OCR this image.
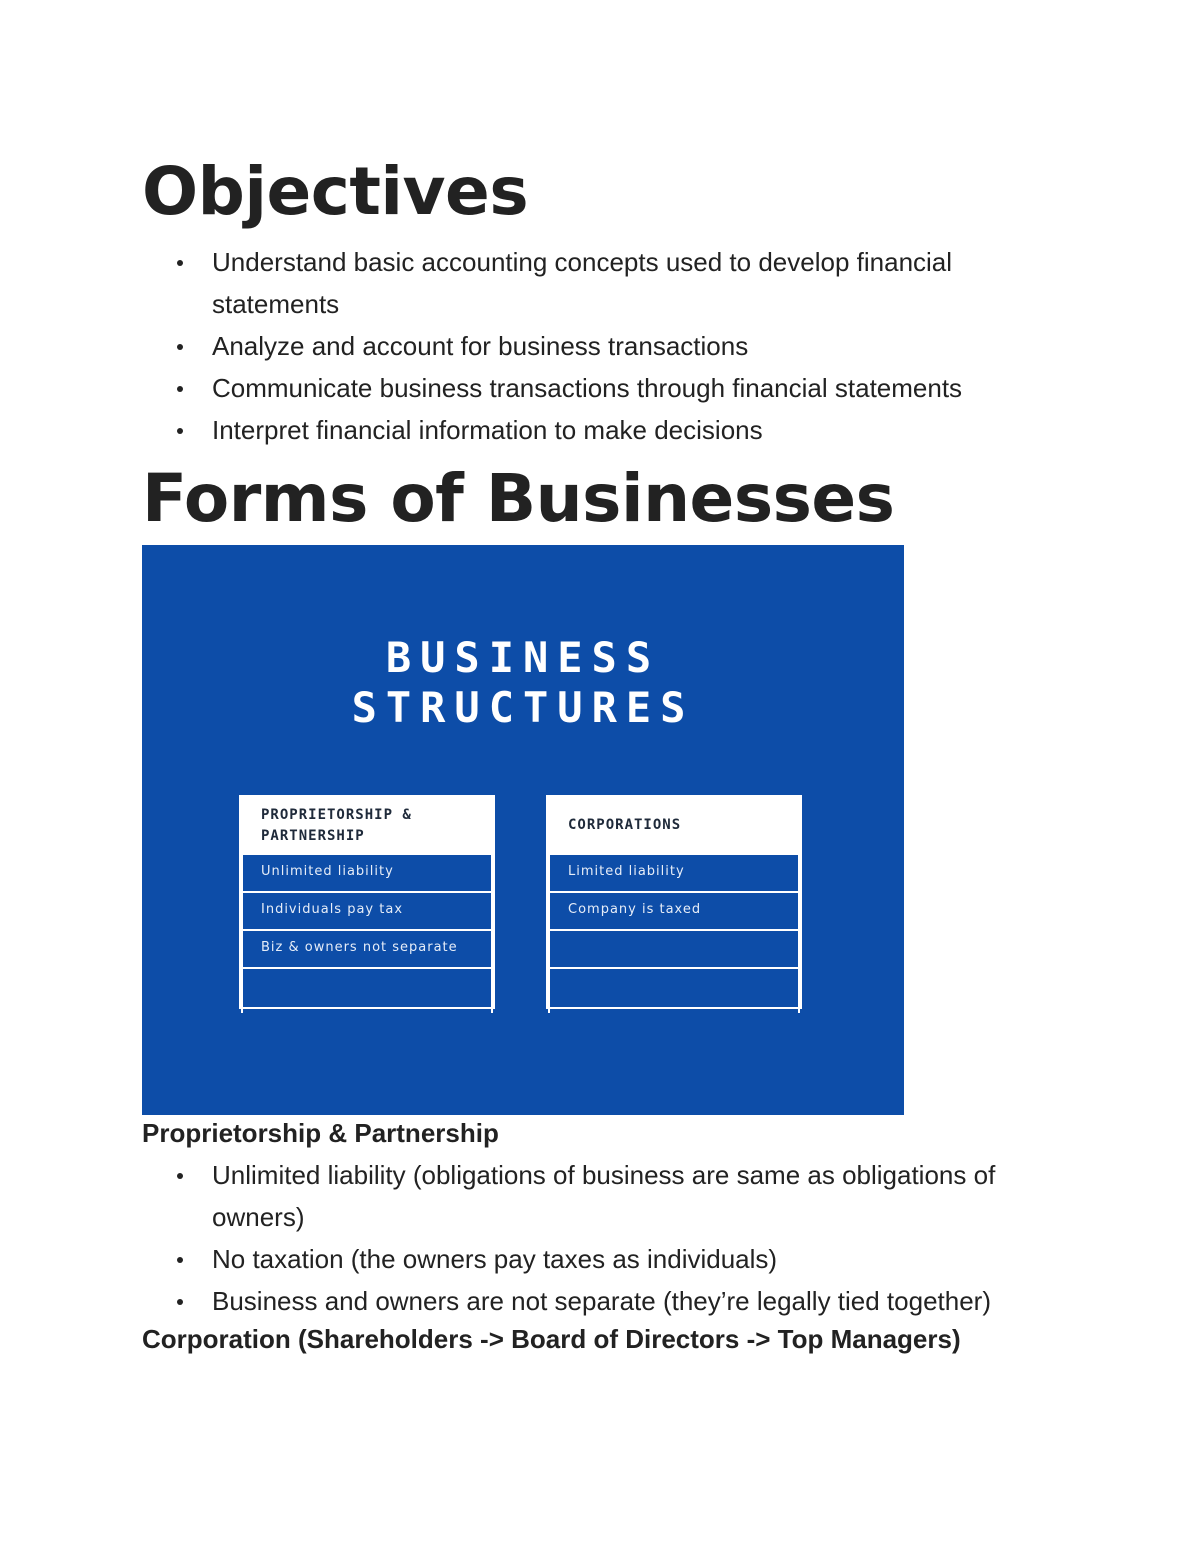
Objectives
Understand basic accounting concepts used to develop financial statements
Analyze and account for business transactions
Communicate business transactions through financial statements
Interpret financial information to make decisions
Forms of Businesses
Proprietorship & Partnership
Unlimited liability (obligations of business are same as obligations of owners)
No taxation (the owners pay taxes as individuals)
Business and owners are not separate (they’re legally tied together)
Corporation (Shareholders -> Board of Directors -> Top Managers)
BUSINESS
STRUCTURES
PROPRIETORSHIP & PARTNERSHIP
Unlimited liability
Individuals pay tax
Biz & owners not separate
CORPORATIONS
Limited liability
Company is taxed
